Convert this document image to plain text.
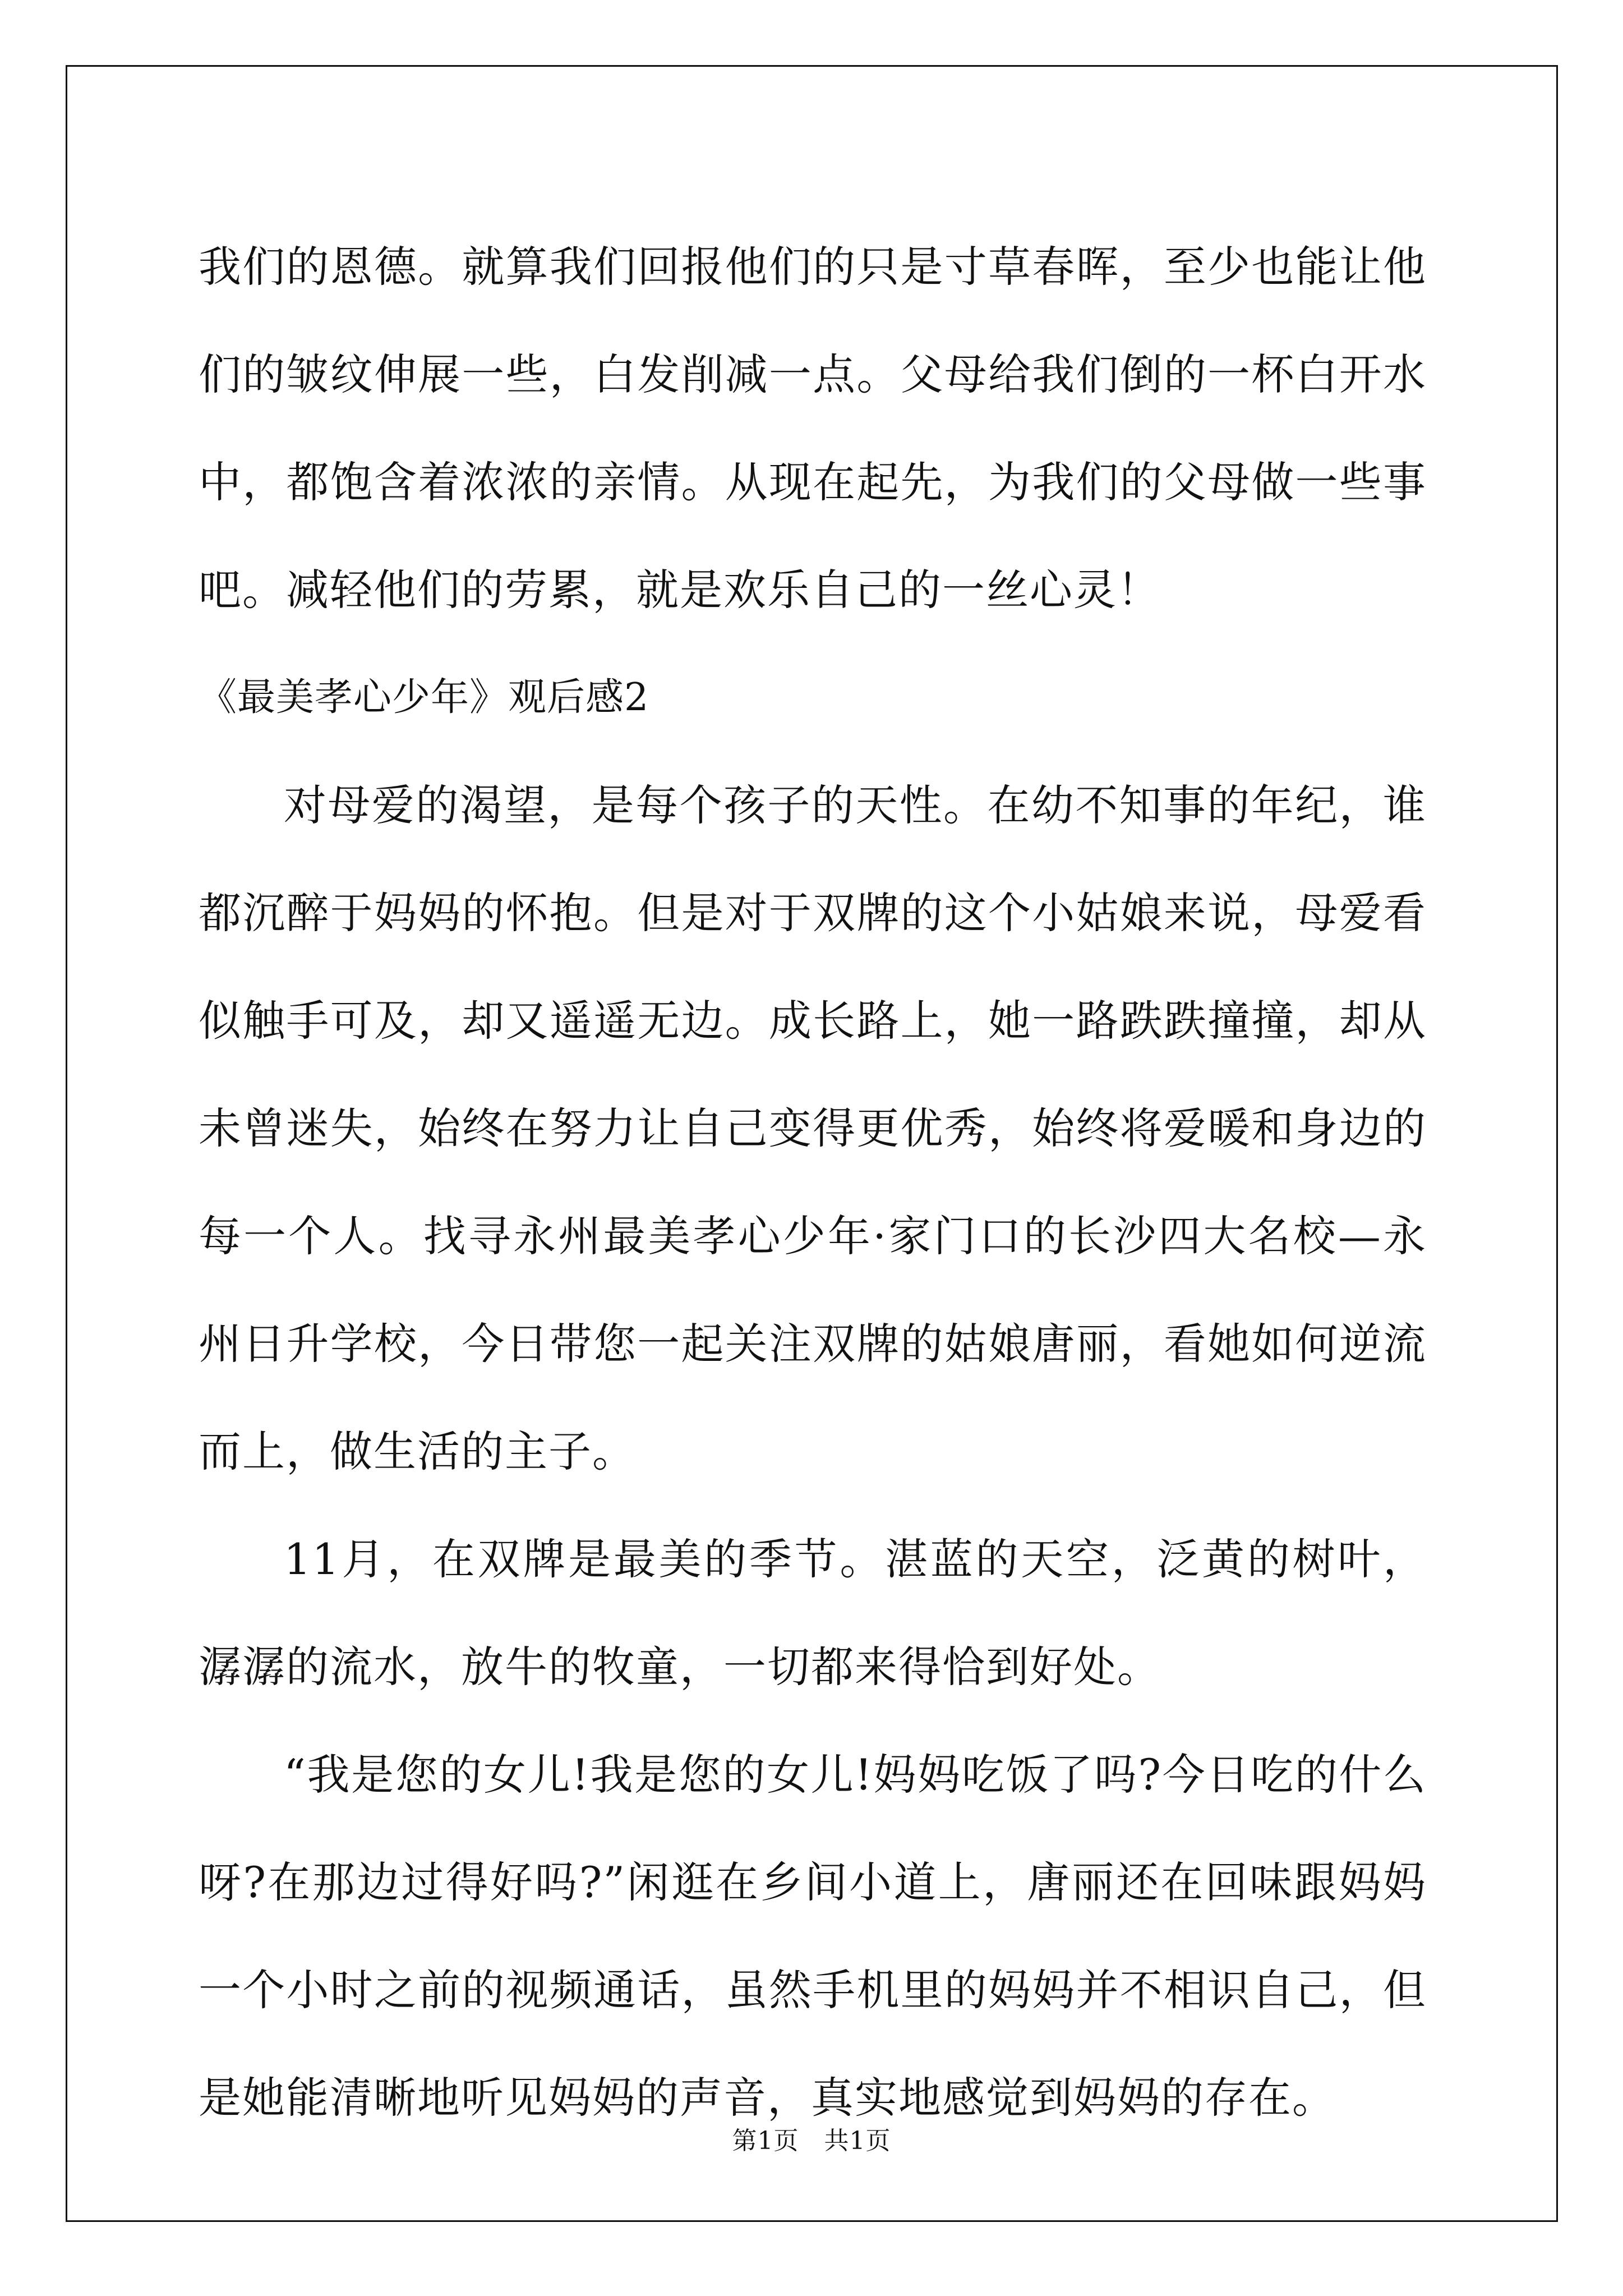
我们的恩德。就算我们回报他们的只是寸草春晖，至少也能让他们的皱纹伸展一些，白发削减一点。父母给我们倒的一杯白开水中，都饱含着浓浓的亲情。从现在起先，为我们的父母做一些事吧。减轻他们的劳累，就是欢乐自己的一丝心灵！

《最美孝心少年》观后感2

对母爱的渴望，是每个孩子的天性。在幼不知事的年纪，谁都沉醉于妈妈的怀抱。但是对于双牌的这个小姑娘来说，母爱看似触手可及，却又遥遥无边。成长路上，她一路跌跌撞撞，却从未曾迷失，始终在努力让自己变得更优秀，始终将爱暖和身边的每一个人。找寻永州最美孝心少年·家门口的长沙四大名校—永州日升学校，今日带您一起关注双牌的姑娘唐丽，看她如何逆流而上，做生活的主子。

11月，在双牌是最美的季节。湛蓝的天空，泛黄的树叶，潺潺的流水，放牛的牧童，一切都来得恰到好处。

“我是您的女儿!我是您的女儿!妈妈吃饭了吗?今日吃的什么呀?在那边过得好吗?”闲逛在乡间小道上，唐丽还在回味跟妈妈一个小时之前的视频通话，虽然手机里的妈妈并不相识自己，但是她能清晰地听见妈妈的声音，真实地感觉到妈妈的存在。

第1页　共1页
